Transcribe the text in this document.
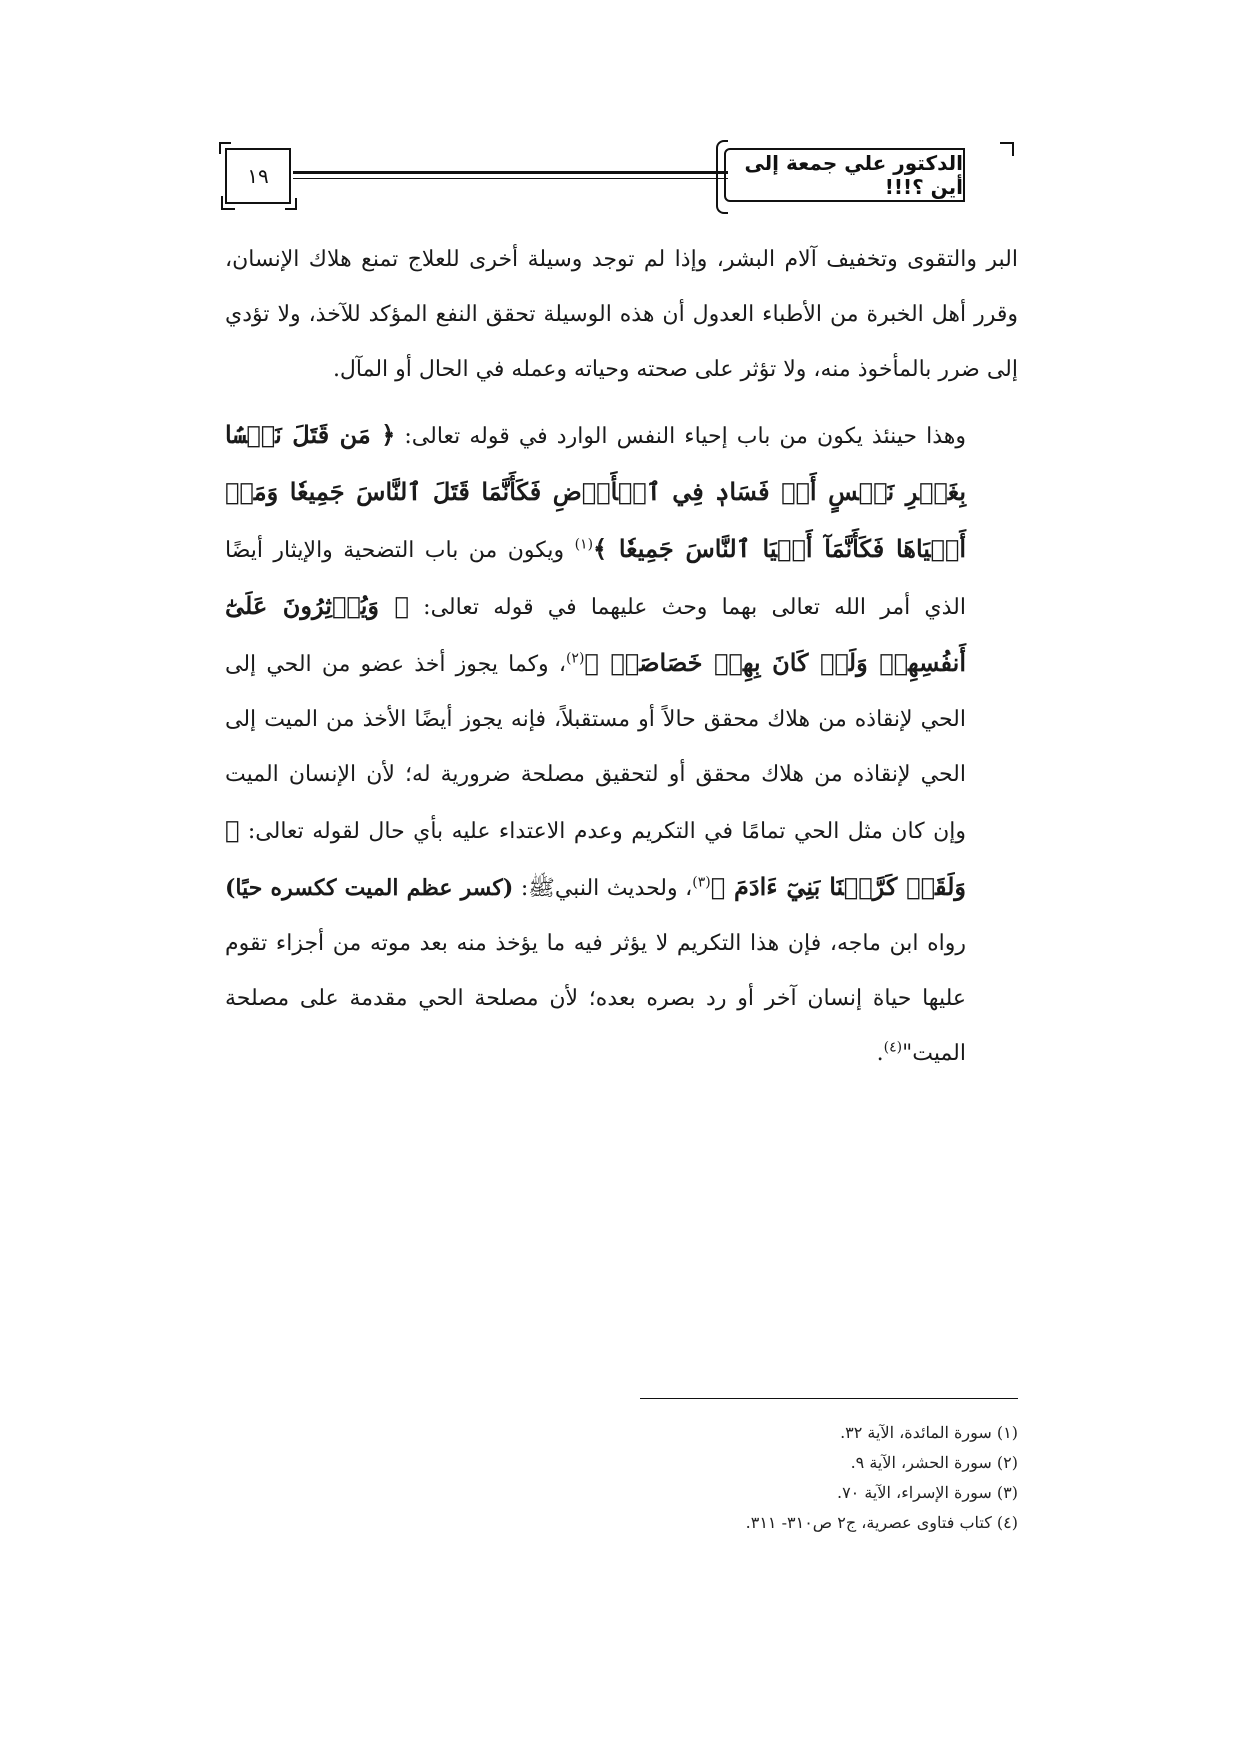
الدكتور علي جمعة إلى أين ؟!!!
١٩

البر والتقوى وتخفيف آلام البشر، وإذا لم توجد وسيلة أخرى للعلاج تمنع هلاك الإنسان، وقرر أهل الخبرة من الأطباء العدول أن هذه الوسيلة تحقق النفع المؤكد للآخذ، ولا تؤدي إلى ضرر بالمأخوذ منه، ولا تؤثر على صحته وحياته وعمله في الحال أو المآل.

وهذا حينئذ يكون من باب إحياء النفس الوارد في قوله تعالى: ﴿ مَن قَتَلَ نَفۡسَۢا بِغَيۡرِ نَفۡسٍ أَوۡ فَسَادٖ فِي ٱلۡأَرۡضِ فَكَأَنَّمَا قَتَلَ ٱلنَّاسَ جَمِيعٗا وَمَنۡ أَحۡيَاهَا فَكَأَنَّمَآ أَحۡيَا ٱلنَّاسَ جَمِيعٗا ﴾$^{(١)}$ ويكون من باب التضحية والإيثار أيضًا الذي أمر الله تعالى بهما وحث عليهما في قوله تعالى: ﴿ وَيُؤۡثِرُونَ عَلَىٰٓ أَنفُسِهِمۡ وَلَوۡ كَانَ بِهِمۡ خَصَاصَةٞ ﴾$^{(٢)}$، وكما يجوز أخذ عضو من الحي إلى الحي لإنقاذه من هلاك محقق حالاً أو مستقبلاً، فإنه يجوز أيضًا الأخذ من الميت إلى الحي لإنقاذه من هلاك محقق أو لتحقيق مصلحة ضرورية له؛ لأن الإنسان الميت وإن كان مثل الحي تمامًا في التكريم وعدم الاعتداء عليه بأي حال لقوله تعالى: ﴿ وَلَقَدۡ كَرَّمۡنَا بَنِيٓ ءَادَمَ ﴾$^{(٣)}$، ولحديث النبيﷺ: (كسر عظم الميت ككسره حيًا) رواه ابن ماجه، فإن هذا التكريم لا يؤثر فيه ما يؤخذ منه بعد موته من أجزاء تقوم عليها حياة إنسان آخر أو رد بصره بعده؛ لأن مصلحة الحي مقدمة على مصلحة الميت"$^{(٤)}$.

(١) سورة المائدة، الآية ٣٢.
(٢) سورة الحشر، الآية ٩.
(٣) سورة الإسراء، الآية ٧٠.
(٤) كتاب فتاوى عصرية، ج٢ ص٣١٠- ٣١١.
